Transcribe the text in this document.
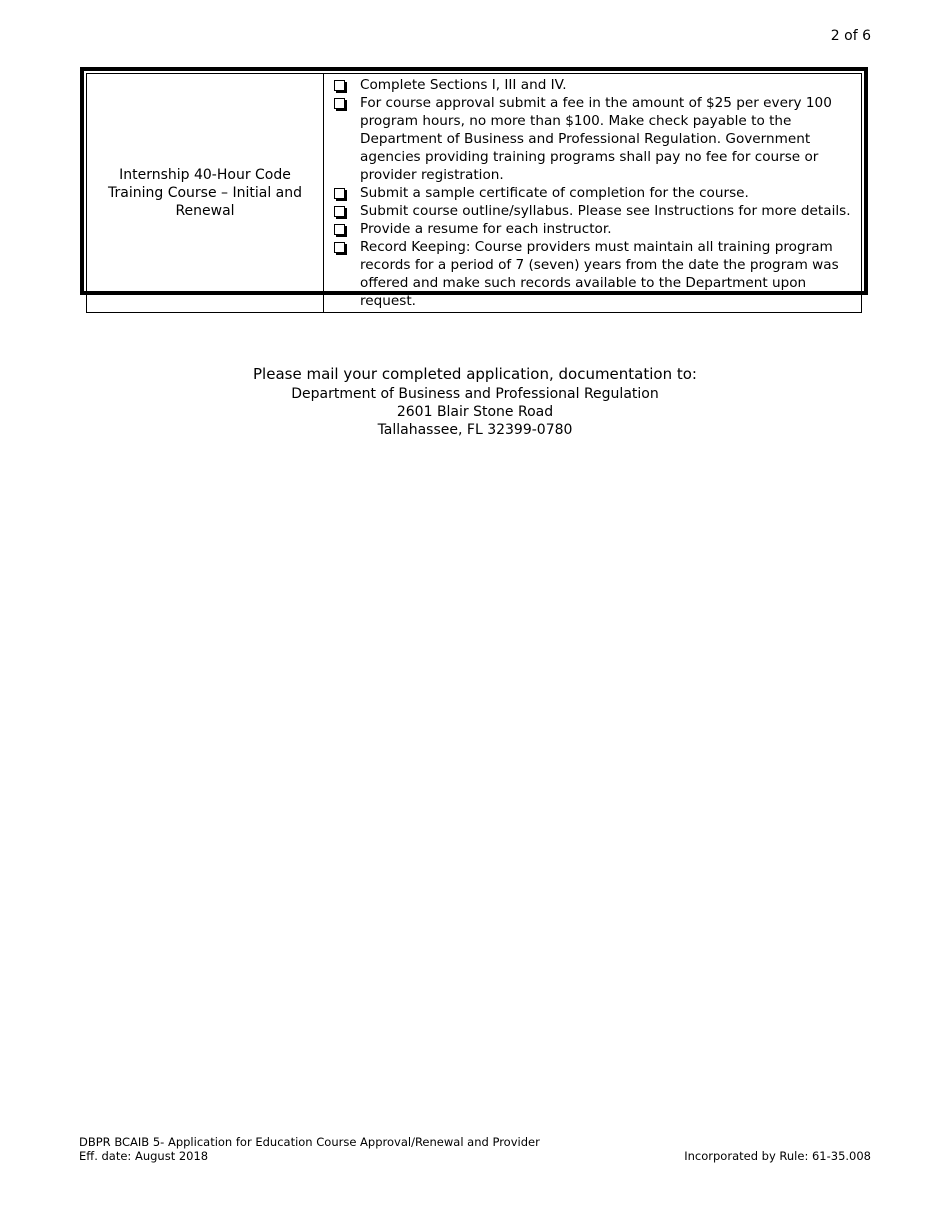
2 of 6
Internship 40-Hour Code Training Course – Initial and Renewal	
Complete Sections I, III and IV.
For course approval submit a fee in the amount of $25 per every 100 program hours, no more than $100. Make check payable to the Department of Business and Professional Regulation. Government agencies providing training programs shall pay no fee for course or provider registration.
Submit a sample certificate of completion for the course.
Submit course outline/syllabus. Please see Instructions for more details.
Provide a resume for each instructor.
Record Keeping: Course providers must maintain all training program records for a period of 7 (seven) years from the date the program was offered and make such records available to the Department upon request.
Please mail your completed application, documentation to:
Department of Business and Professional Regulation
2601 Blair Stone Road
Tallahassee, FL 32399-0780
DBPR BCAIB 5- Application for Education Course Approval/Renewal and Provider
Eff. date: August 2018	Incorporated by Rule: 61-35.008
